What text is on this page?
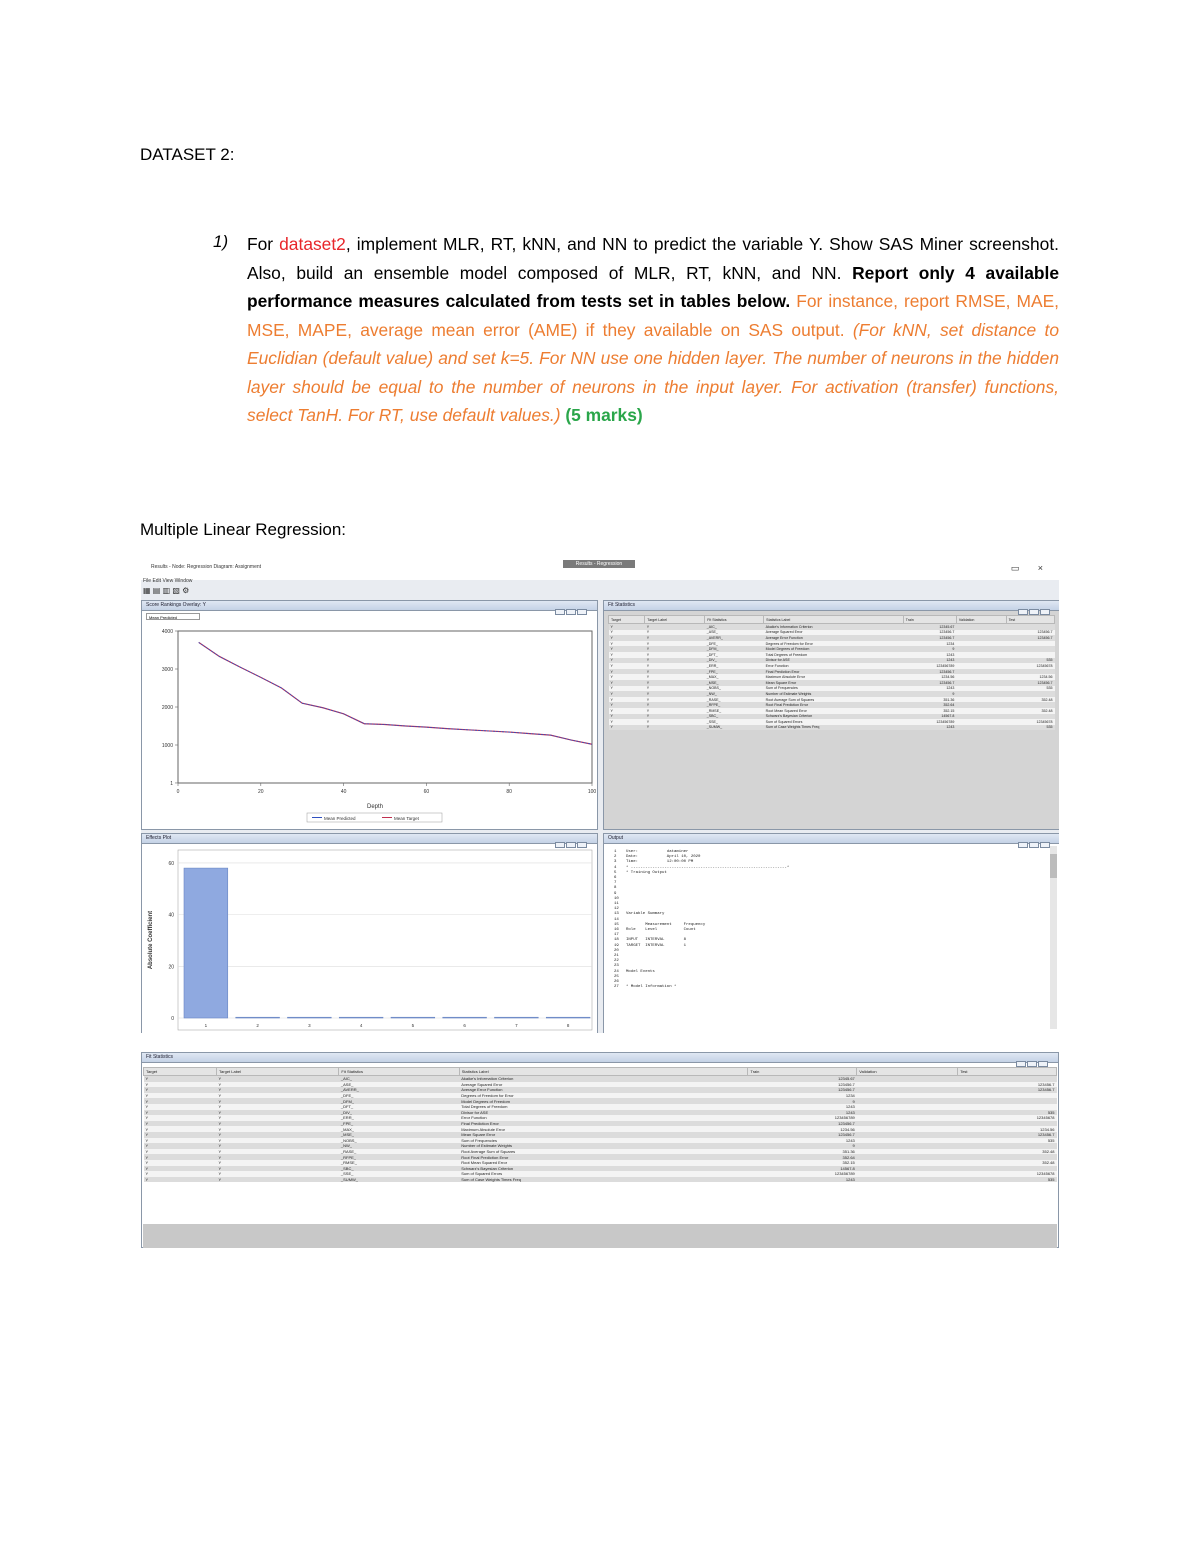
DATASET 2:
1) For dataset2, implement MLR, RT, kNN, and NN to predict the variable Y. Show SAS Miner screenshot. Also, build an ensemble model composed of MLR, RT, kNN, and NN. Report only 4 available performance measures calculated from tests set in tables below. For instance, report RMSE, MAE, MSE, MAPE, average mean error (AME) if they available on SAS output. (For kNN, set distance to Euclidian (default value) and set k=5. For NN use one hidden layer. The number of neurons in the hidden layer should be equal to the number of neurons in the input layer. For activation (transfer) functions, select TanH. For RT, use default values.) (5 marks)
Multiple Linear Regression:
Results - Node: Regression Diagram: Assignment	Results - Regression	▭ ×
File Edit View Window
▦ ▤ ▥ ▧ ⚙
Score Rankings Overlay: Y
Mean Predicted
0	20	40	60	80	100
1
1000
2000
3000
4000
Depth
Mean Predicted	Mean Target
Fit Statistics
Target	Target Label	Fit Statistics	Statistics Label	Train	Validation	Test
Y	Y	_AIC_	Akaike's Information Criterion	12345.67		
Y	Y	_ASE_	Average Squared Error	123456.7		123456.7
Y	Y	_AVERR_	Average Error Function	123456.7		123456.7
Y	Y	_DFE_	Degrees of Freedom for Error	1234		
Y	Y	_DFM_	Model Degrees of Freedom	9		
Y	Y	_DFT_	Total Degrees of Freedom	1243		
Y	Y	_DIV_	Divisor for ASE	1243		535
Y	Y	_ERR_	Error Function	123456789		12345678
Y	Y	_FPE_	Final Prediction Error	123456.7		
Y	Y	_MAX_	Maximum Absolute Error	1234.56		1234.56
Y	Y	_MSE_	Mean Square Error	123456.7		123456.7
Y	Y	_NOBS_	Sum of Frequencies	1243		535
Y	Y	_NW_	Number of Estimate Weights	9		
Y	Y	_RASE_	Root Average Sum of Squares	351.36		352.48
Y	Y	_RFPE_	Root Final Prediction Error	352.64		
Y	Y	_RMSE_	Root Mean Squared Error	352.15		352.48
Y	Y	_SBC_	Schwarz's Bayesian Criterion	14567.8		
Y	Y	_SSE_	Sum of Squared Errors	123456789		12345678
Y	Y	_SUMW_	Sum of Case Weights Times Freq	1243		535
Effects Plot
0
20
40
60
1	2	3	4	5	6	7	8
Absolute Coefficient
Output
1    User:            dataminer
2    Date:            April 10, 2020
3    Time:            12:00:00 PM
4    * -----------------------------------------------------------------*
5    * Training Output
6
7
8
9
10
11
12
13   Variable Summary
14
15           Measurement     Frequency
16   Role    Level           Count
17
18   INPUT   INTERVAL        8
19   TARGET  INTERVAL        1
20
21
22
23
24   Model Events
25
26
27   * Model Information *
Fit Statistics
Target	Target Label	Fit Statistics	Statistics Label	Train	Validation	Test
Y	Y	_AIC_	Akaike's Information Criterion	12345.67		
Y	Y	_ASE_	Average Squared Error	123456.7		123456.7
Y	Y	_AVERR_	Average Error Function	123456.7		123456.7
Y	Y	_DFE_	Degrees of Freedom for Error	1234		
Y	Y	_DFM_	Model Degrees of Freedom	9		
Y	Y	_DFT_	Total Degrees of Freedom	1243		
Y	Y	_DIV_	Divisor for ASE	1243		535
Y	Y	_ERR_	Error Function	123456789		12345678
Y	Y	_FPE_	Final Prediction Error	123456.7		
Y	Y	_MAX_	Maximum Absolute Error	1234.56		1234.56
Y	Y	_MSE_	Mean Square Error	123456.7		123456.7
Y	Y	_NOBS_	Sum of Frequencies	1243		535
Y	Y	_NW_	Number of Estimate Weights	9		
Y	Y	_RASE_	Root Average Sum of Squares	351.36		352.48
Y	Y	_RFPE_	Root Final Prediction Error	352.64		
Y	Y	_RMSE_	Root Mean Squared Error	352.15		352.48
Y	Y	_SBC_	Schwarz's Bayesian Criterion	14567.8		
Y	Y	_SSE_	Sum of Squared Errors	123456789		12345678
Y	Y	_SUMW_	Sum of Case Weights Times Freq	1243		535
